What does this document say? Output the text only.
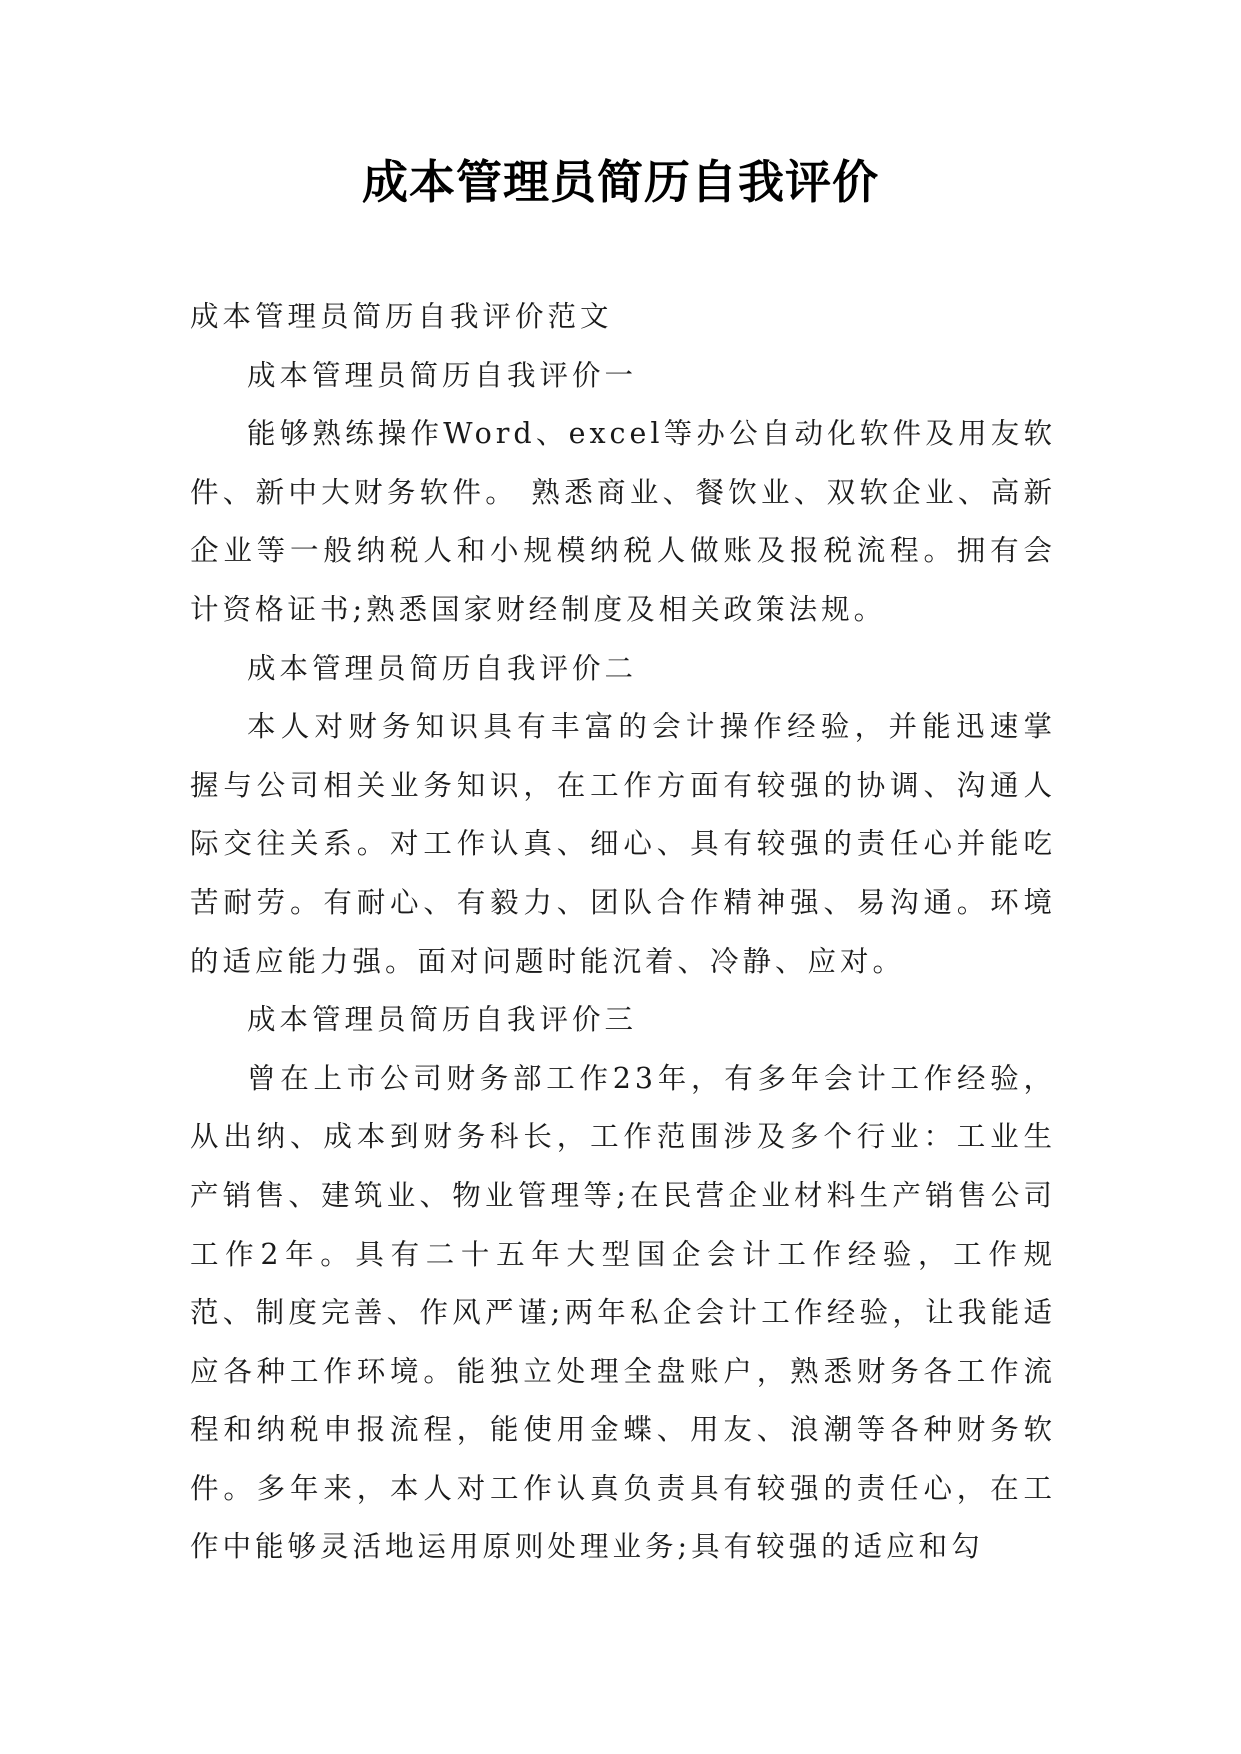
成本管理员简历自我评价

成本管理员简历自我评价范文

成本管理员简历自我评价一

能够熟练操作Word、excel等办公自动化软件及用友软件、新中大财务软件。 熟悉商业、餐饮业、双软企业、高新企业等一般纳税人和小规模纳税人做账及报税流程。拥有会计资格证书;熟悉国家财经制度及相关政策法规。

成本管理员简历自我评价二

本人对财务知识具有丰富的会计操作经验，并能迅速掌握与公司相关业务知识，在工作方面有较强的协调、沟通人际交往关系。对工作认真、细心、具有较强的责任心并能吃苦耐劳。有耐心、有毅力、团队合作精神强、易沟通。环境的适应能力强。面对问题时能沉着、冷静、应对。

成本管理员简历自我评价三

曾在上市公司财务部工作23年，有多年会计工作经验，从出纳、成本到财务科长，工作范围涉及多个行业：工业生产销售、建筑业、物业管理等;在民营企业材料生产销售公司工作2年。具有二十五年大型国企会计工作经验，工作规范、制度完善、作风严谨;两年私企会计工作经验，让我能适应各种工作环境。能独立处理全盘账户，熟悉财务各工作流程和纳税申报流程，能使用金蝶、用友、浪潮等各种财务软件。多年来，本人对工作认真负责具有较强的责任心，在工作中能够灵活地运用原则处理业务;具有较强的适应和勾
